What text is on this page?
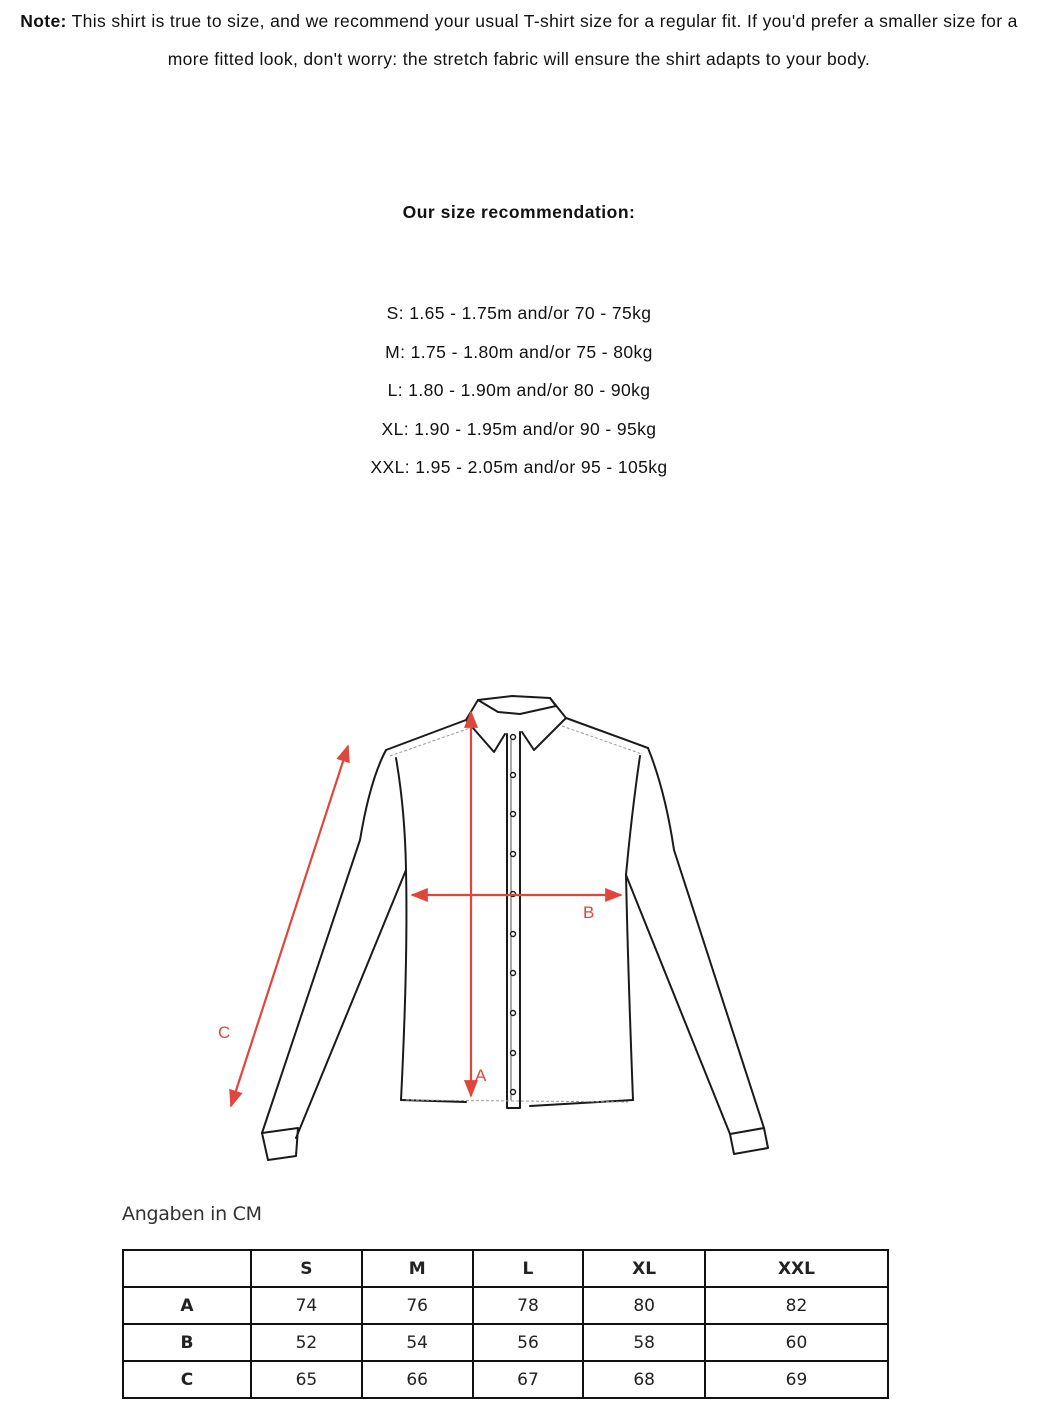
Note: This shirt is true to size, and we recommend your usual T-shirt size for a regular fit. If you'd prefer a smaller size for a more fitted look, don't worry: the stretch fabric will ensure the shirt adapts to your body.

Our size recommendation:
S: 1.65 - 1.75m and/or 70 - 75kg
M: 1.75 - 1.80m and/or 75 - 80kg
L: 1.80 - 1.90m and/or 80 - 90kg
XL: 1.90 - 1.95m and/or 90 - 95kg
XXL: 1.95 - 2.05m and/or 95 - 105kg
A
B
C

Angaben in CM

	S	M	L	XL	XXL
A	74	76	78	80	82
B	52	54	56	58	60
C	65	66	67	68	69
